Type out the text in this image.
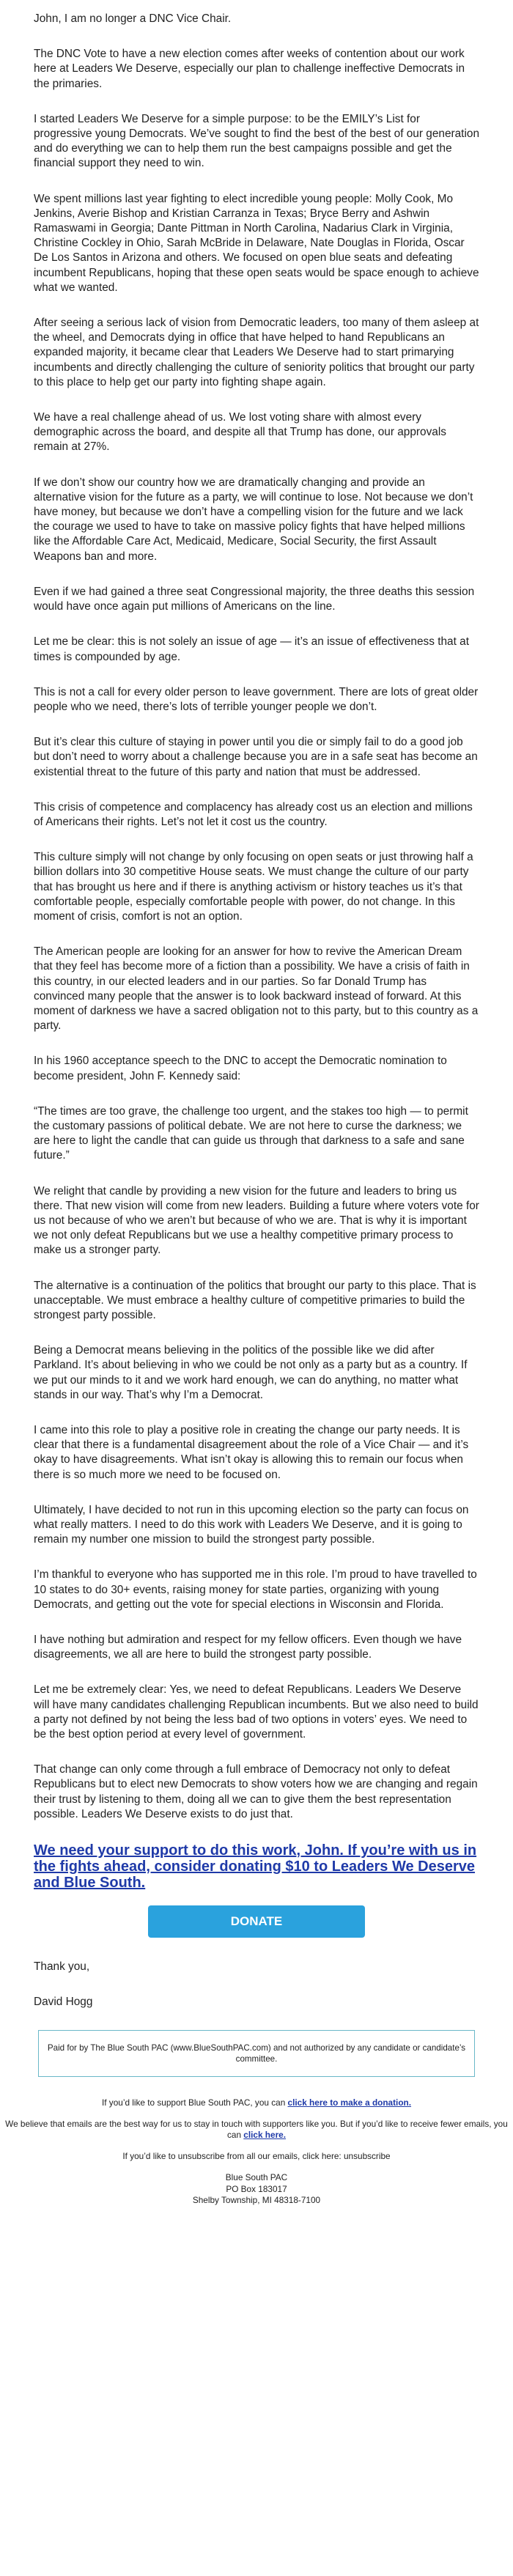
John, I am no longer a DNC Vice Chair.

The DNC Vote to have a new election comes after weeks of contention about our work here at Leaders We Deserve, especially our plan to challenge ineffective Democrats in the primaries.

I started Leaders We Deserve for a simple purpose: to be the EMILY’s List for progressive young Democrats. We’ve sought to find the best of the best of our generation and do everything we can to help them run the best campaigns possible and get the financial support they need to win.

We spent millions last year fighting to elect incredible young people: Molly Cook, Mo Jenkins, Averie Bishop and Kristian Carranza in Texas; Bryce Berry and Ashwin Ramaswami in Georgia; Dante Pittman in North Carolina, Nadarius Clark in Virginia, Christine Cockley in Ohio, Sarah McBride in Delaware, Nate Douglas in Florida, Oscar De Los Santos in Arizona and others. We focused on open blue seats and defeating incumbent Republicans, hoping that these open seats would be space enough to achieve what we wanted.

After seeing a serious lack of vision from Democratic leaders, too many of them asleep at the wheel, and Democrats dying in office that have helped to hand Republicans an expanded majority, it became clear that Leaders We Deserve had to start primarying incumbents and directly challenging the culture of seniority politics that brought our party to this place to help get our party into fighting shape again.

We have a real challenge ahead of us. We lost voting share with almost every demographic across the board, and despite all that Trump has done, our approvals remain at 27%.

If we don’t show our country how we are dramatically changing and provide an alternative vision for the future as a party, we will continue to lose. Not because we don’t have money, but because we don’t have a compelling vision for the future and we lack the courage we used to have to take on massive policy fights that have helped millions like the Affordable Care Act, Medicaid, Medicare, Social Security, the first Assault Weapons ban and more.

Even if we had gained a three seat Congressional majority, the three deaths this session would have once again put millions of Americans on the line.

Let me be clear: this is not solely an issue of age — it’s an issue of effectiveness that at times is compounded by age.

This is not a call for every older person to leave government. There are lots of great older people who we need, there’s lots of terrible younger people we don’t.

But it’s clear this culture of staying in power until you die or simply fail to do a good job but don’t need to worry about a challenge because you are in a safe seat has become an existential threat to the future of this party and nation that must be addressed.

This crisis of competence and complacency has already cost us an election and millions of Americans their rights. Let’s not let it cost us the country.

This culture simply will not change by only focusing on open seats or just throwing half a billion dollars into 30 competitive House seats. We must change the culture of our party that has brought us here and if there is anything activism or history teaches us it’s that comfortable people, especially comfortable people with power, do not change. In this moment of crisis, comfort is not an option.

The American people are looking for an answer for how to revive the American Dream that they feel has become more of a fiction than a possibility. We have a crisis of faith in this country, in our elected leaders and in our parties. So far Donald Trump has convinced many people that the answer is to look backward instead of forward. At this moment of darkness we have a sacred obligation not to this party, but to this country as a party.

In his 1960 acceptance speech to the DNC to accept the Democratic nomination to become president, John F. Kennedy said:

“The times are too grave, the challenge too urgent, and the stakes too high — to permit the customary passions of political debate. We are not here to curse the darkness; we are here to light the candle that can guide us through that darkness to a safe and sane future.”

We relight that candle by providing a new vision for the future and leaders to bring us there. That new vision will come from new leaders. Building a future where voters vote for us not because of who we aren’t but because of who we are. That is why it is important we not only defeat Republicans but we use a healthy competitive primary process to make us a stronger party.

The alternative is a continuation of the politics that brought our party to this place. That is unacceptable. We must embrace a healthy culture of competitive primaries to build the strongest party possible.

Being a Democrat means believing in the politics of the possible like we did after Parkland. It’s about believing in who we could be not only as a party but as a country. If we put our minds to it and we work hard enough, we can do anything, no matter what stands in our way. That’s why I’m a Democrat.

I came into this role to play a positive role in creating the change our party needs. It is clear that there is a fundamental disagreement about the role of a Vice Chair — and it’s okay to have disagreements. What isn’t okay is allowing this to remain our focus when there is so much more we need to be focused on.

Ultimately, I have decided to not run in this upcoming election so the party can focus on what really matters. I need to do this work with Leaders We Deserve, and it is going to remain my number one mission to build the strongest party possible.

I’m thankful to everyone who has supported me in this role. I’m proud to have travelled to 10 states to do 30+ events, raising money for state parties, organizing with young Democrats, and getting out the vote for special elections in Wisconsin and Florida.

I have nothing but admiration and respect for my fellow officers. Even though we have disagreements, we all are here to build the strongest party possible.

Let me be extremely clear: Yes, we need to defeat Republicans. Leaders We Deserve will have many candidates challenging Republican incumbents. But we also need to build a party not defined by not being the less bad of two options in voters’ eyes. We need to be the best option period at every level of government.

That change can only come through a full embrace of Democracy not only to defeat Republicans but to elect new Democrats to show voters how we are changing and regain their trust by listening to them, doing all we can to give them the best representation possible. Leaders We Deserve exists to do just that.

We need your support to do this work, John. If you’re with us in the fights ahead, consider donating $10 to Leaders We Deserve and Blue South.
DONATE

Thank you,

David Hogg

Paid for by The Blue South PAC (www.BlueSouthPAC.com) and not authorized by any candidate or candidate’s committee.

If you’d like to support Blue South PAC, you can click here to make a donation.

We believe that emails are the best way for us to stay in touch with supporters like you. But if you’d like to receive fewer emails, you can click here.

If you’d like to unsubscribe from all our emails, click here: unsubscribe

Blue South PAC
PO Box 183017
Shelby Township, MI 48318-7100
